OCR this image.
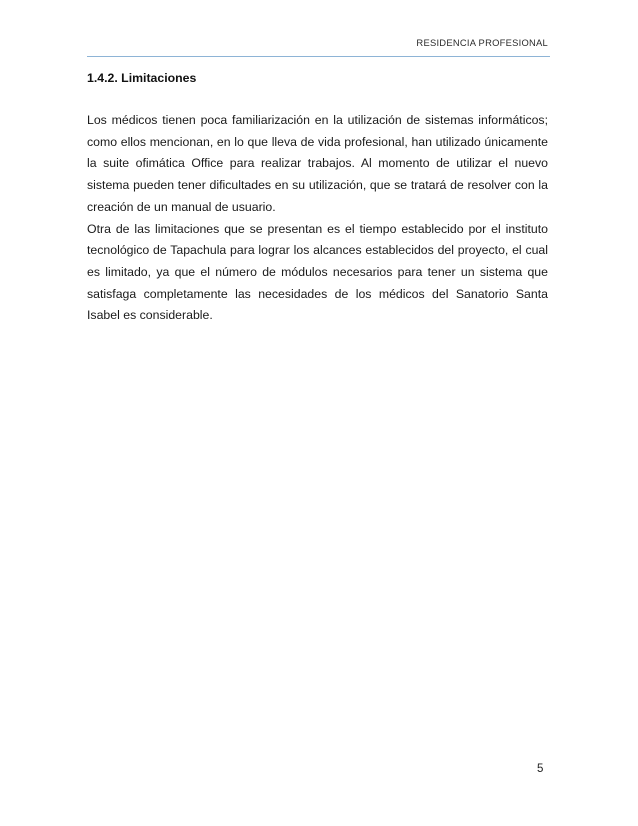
RESIDENCIA PROFESIONAL
1.4.2. Limitaciones

Los médicos tienen poca familiarización en la utilización de sistemas informáticos; como ellos mencionan, en lo que lleva de vida profesional, han utilizado únicamente la suite ofimática Office para realizar trabajos. Al momento de utilizar el nuevo sistema pueden tener dificultades en su utilización, que se tratará de resolver con la creación de un manual de usuario.

Otra de las limitaciones que se presentan es el tiempo establecido por el instituto tecnológico de Tapachula para lograr los alcances establecidos del proyecto, el cual es limitado, ya que el número de módulos necesarios para tener un sistema que satisfaga completamente las necesidades de los médicos del Sanatorio Santa Isabel es considerable.

5
